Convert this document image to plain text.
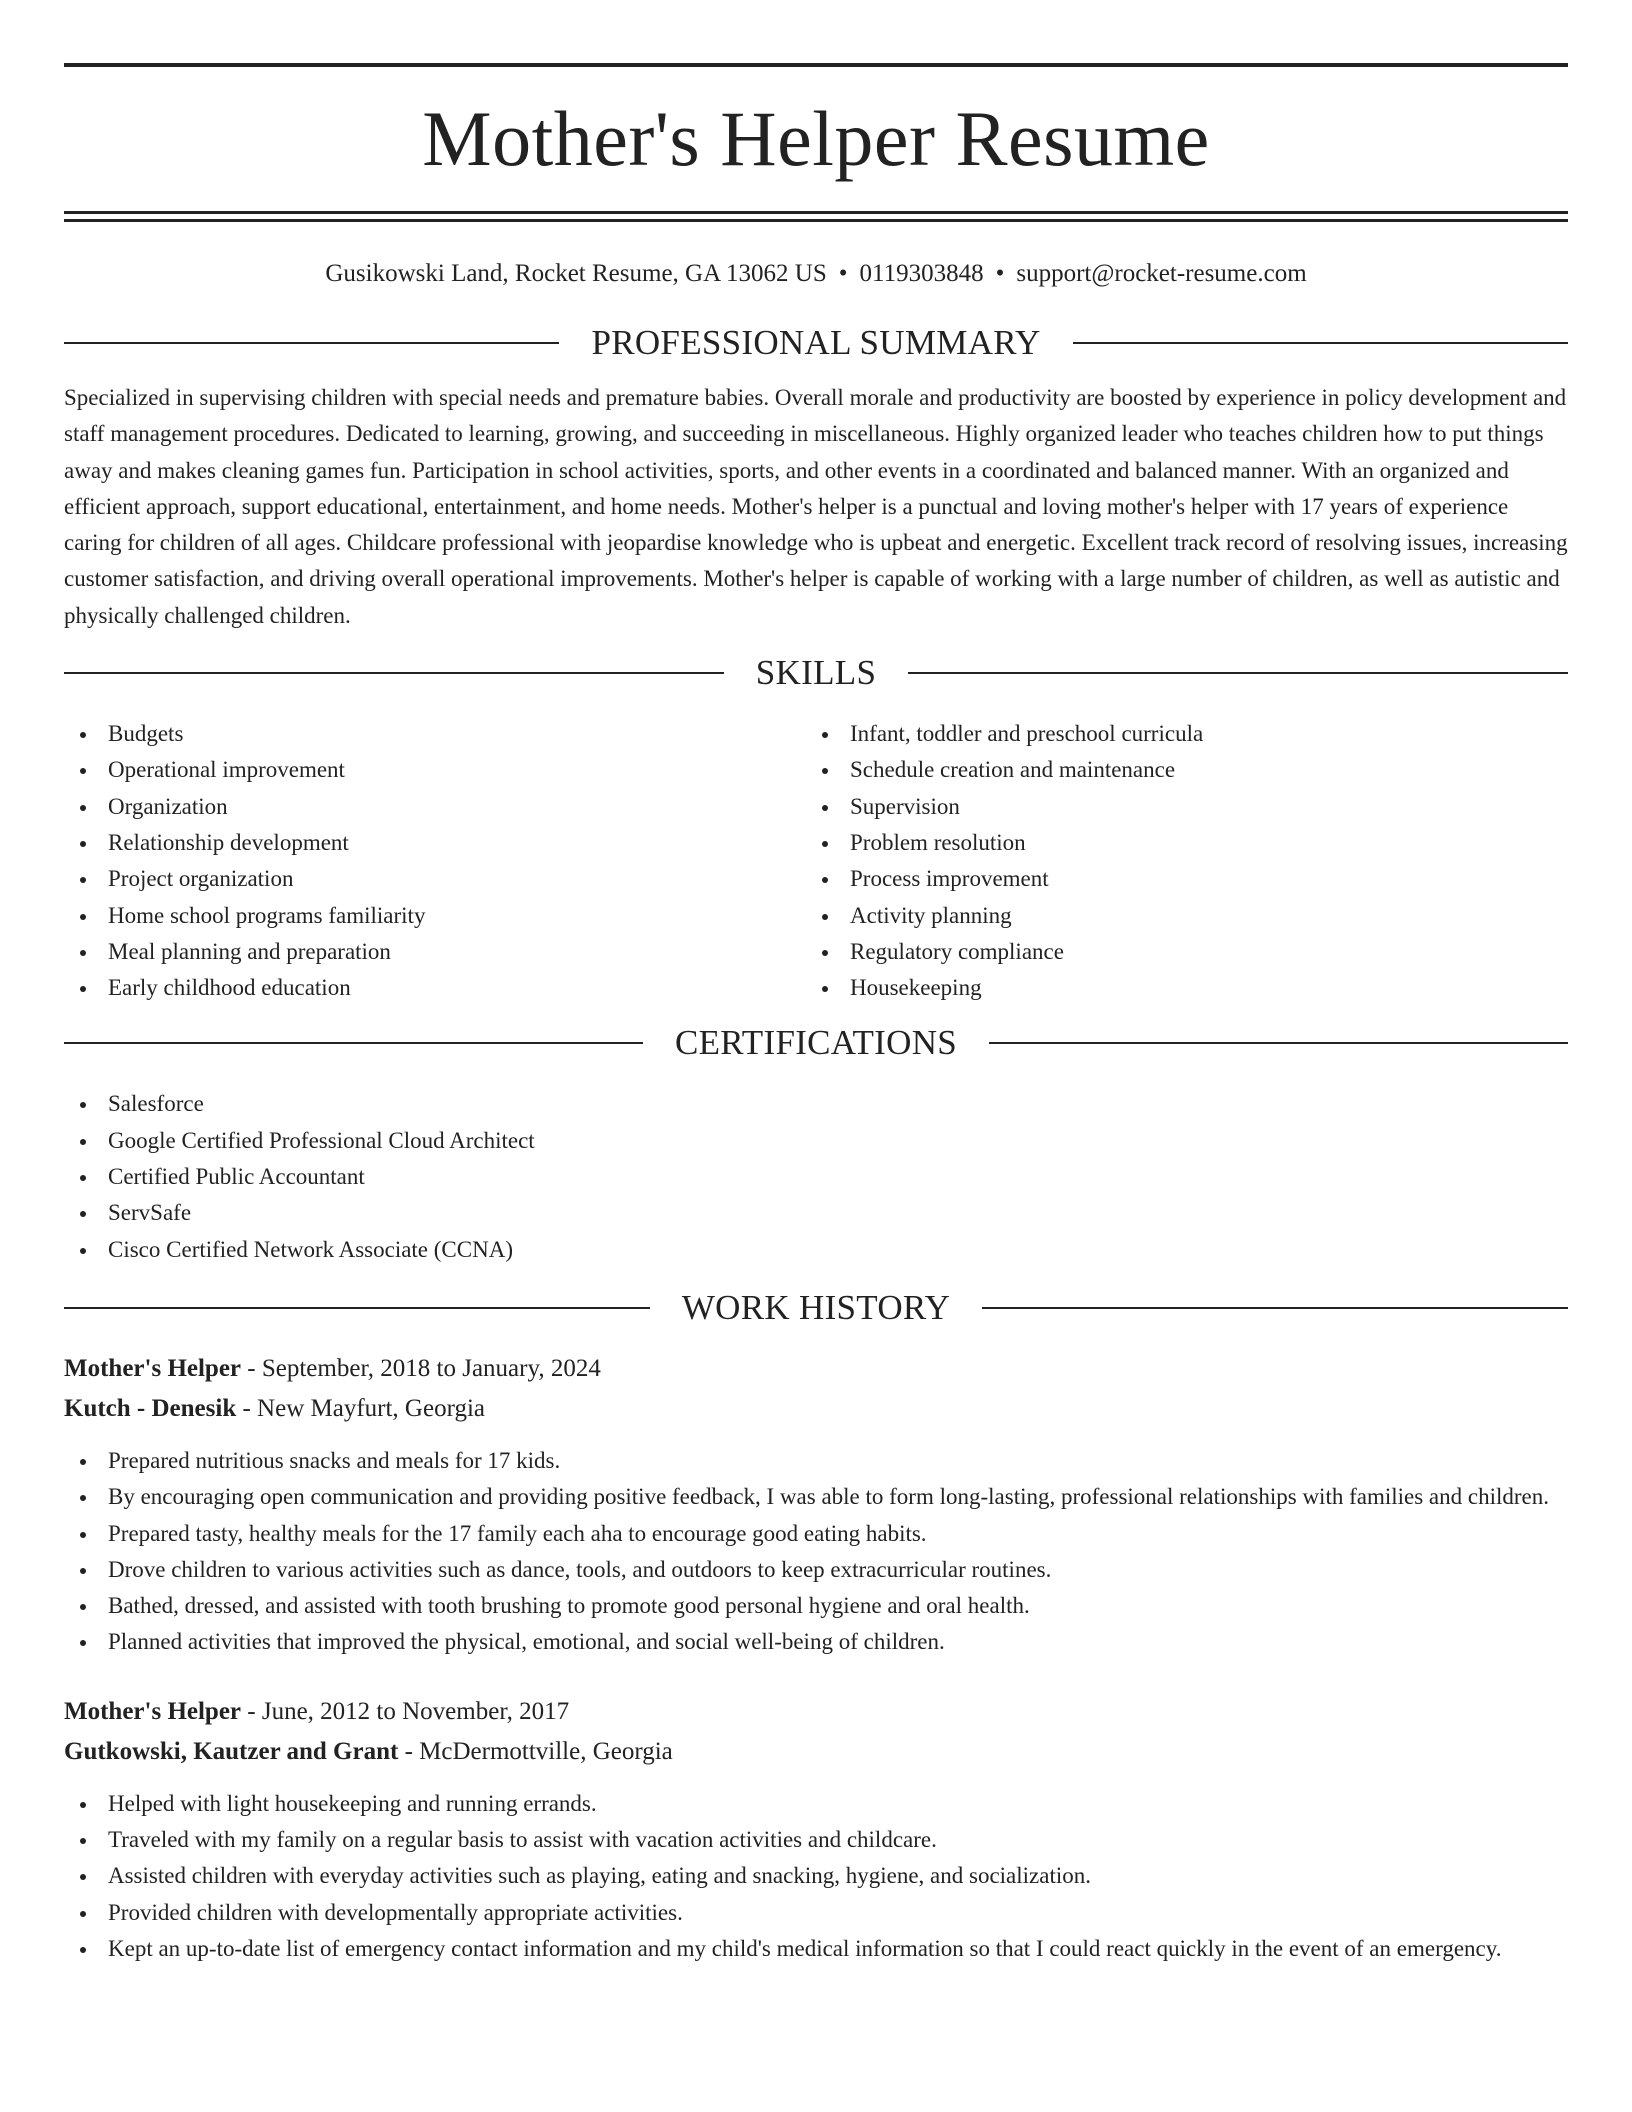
Mother's Helper Resume
Gusikowski Land, Rocket Resume, GA 13062 US • 0119303848 • support@rocket-resume.com
PROFESSIONAL SUMMARY

Specialized in supervising children with special needs and premature babies. Overall morale and productivity are boosted by experience in policy development and staff management procedures. Dedicated to learning, growing, and succeeding in miscellaneous. Highly organized leader who teaches children how to put things away and makes cleaning games fun. Participation in school activities, sports, and other events in a coordinated and balanced manner. With an organized and efficient approach, support educational, entertainment, and home needs. Mother's helper is a punctual and loving mother's helper with 17 years of experience caring for children of all ages. Childcare professional with jeopardise knowledge who is upbeat and energetic. Excellent track record of resolving issues, increasing customer satisfaction, and driving overall operational improvements. Mother's helper is capable of working with a large number of children, as well as autistic and physically challenged children.

SKILLS
Budgets
Operational improvement
Organization
Relationship development
Project organization
Home school programs familiarity
Meal planning and preparation
Early childhood education
Infant, toddler and preschool curricula
Schedule creation and maintenance
Supervision
Problem resolution
Process improvement
Activity planning
Regulatory compliance
Housekeeping
CERTIFICATIONS
Salesforce
Google Certified Professional Cloud Architect
Certified Public Accountant
ServSafe
Cisco Certified Network Associate (CCNA)
WORK HISTORY
Mother's Helper - September, 2018 to January, 2024
Kutch - Denesik - New Mayfurt, Georgia
Prepared nutritious snacks and meals for 17 kids.
By encouraging open communication and providing positive feedback, I was able to form long-lasting, professional relationships with families and children.
Prepared tasty, healthy meals for the 17 family each aha to encourage good eating habits.
Drove children to various activities such as dance, tools, and outdoors to keep extracurricular routines.
Bathed, dressed, and assisted with tooth brushing to promote good personal hygiene and oral health.
Planned activities that improved the physical, emotional, and social well-being of children.
Mother's Helper - June, 2012 to November, 2017
Gutkowski, Kautzer and Grant - McDermottville, Georgia
Helped with light housekeeping and running errands.
Traveled with my family on a regular basis to assist with vacation activities and childcare.
Assisted children with everyday activities such as playing, eating and snacking, hygiene, and socialization.
Provided children with developmentally appropriate activities.
Kept an up-to-date list of emergency contact information and my child's medical information so that I could react quickly in the event of an emergency.
